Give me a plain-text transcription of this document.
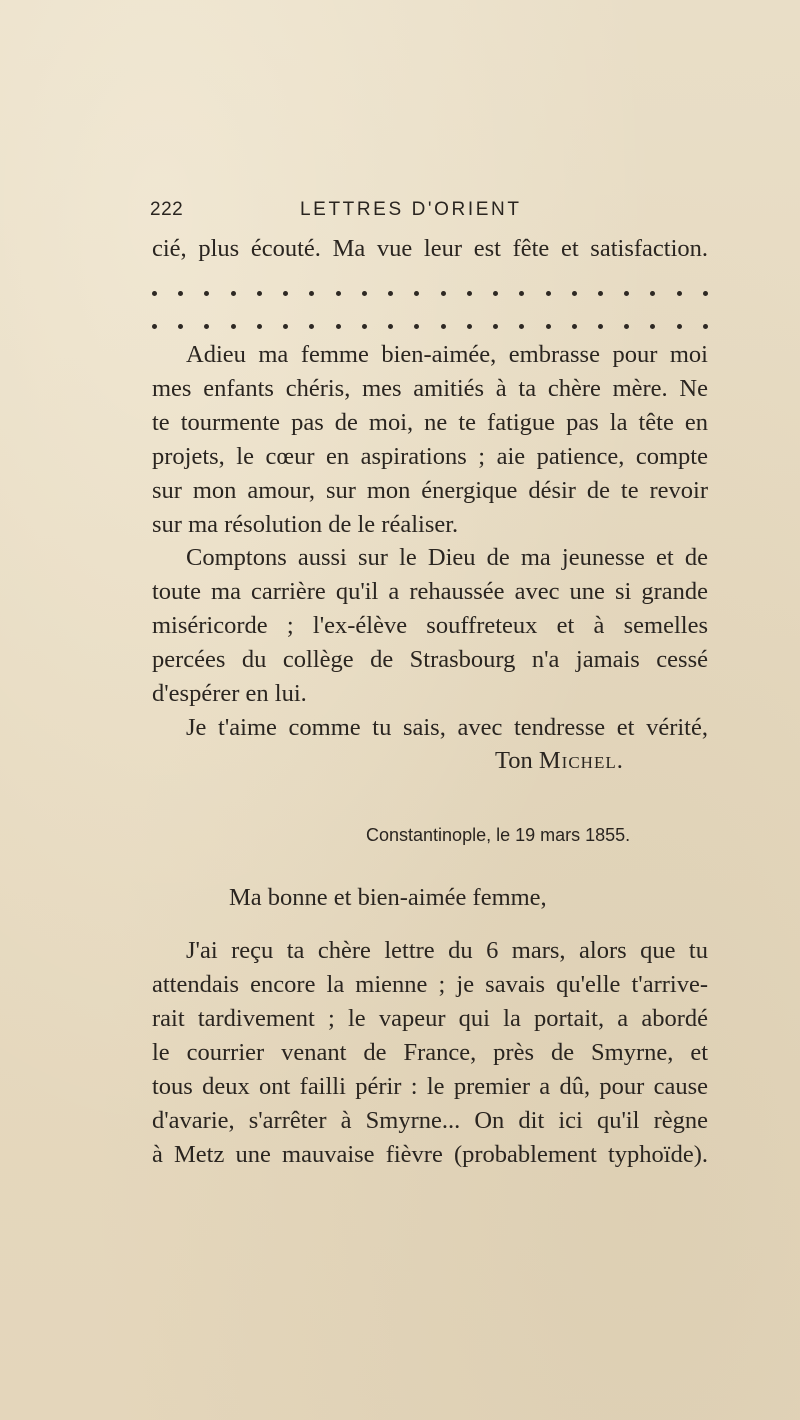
222	LETTRES D'ORIENT
cié, plus écouté. Ma vue leur est fête et satisfaction.
Adieu ma femme bien-aimée, embrasse pour moi
mes enfants chéris, mes amitiés à ta chère mère. Ne
te tourmente pas de moi, ne te fatigue pas la tête en
projets, le cœur en aspirations ; aie patience, compte
sur mon amour, sur mon énergique désir de te revoir
sur ma résolution de le réaliser.
Comptons aussi sur le Dieu de ma jeunesse et de
toute ma carrière qu'il a rehaussée avec une si grande
miséricorde ; l'ex-élève souffreteux et à semelles
percées du collège de Strasbourg n'a jamais cessé
d'espérer en lui.
Je t'aime comme tu sais, avec tendresse et vérité,
Ton Michel.
Constantinople, le 19 mars 1855.
Ma bonne et bien-aimée femme,
J'ai reçu ta chère lettre du 6 mars, alors que tu
attendais encore la mienne ; je savais qu'elle t'arrive-
rait tardivement ; le vapeur qui la portait, a abordé
le courrier venant de France, près de Smyrne, et
tous deux ont failli périr : le premier a dû, pour cause
d'avarie, s'arrêter à Smyrne... On dit ici qu'il règne
à Metz une mauvaise fièvre (probablement typhoïde).
